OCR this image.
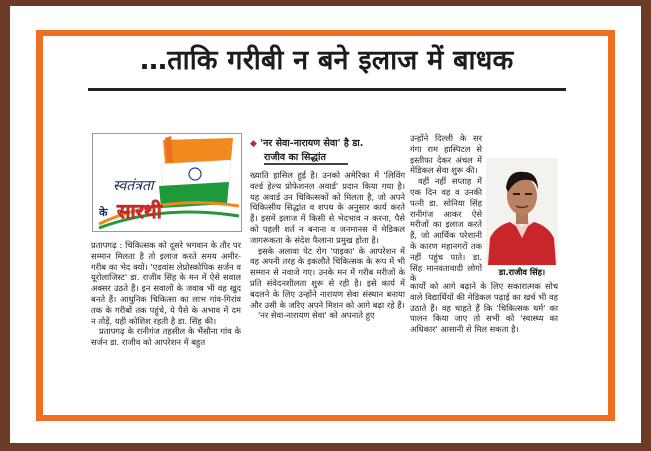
…ताकि गरीबी न बने इलाज में बाधक
स्वतंत्रता
के सारथी

प्रतापगढ़ : चिकित्सक को दूसरे भगवान के तौर पर सम्मान मिलता है तो इलाज करते समय अमीर-गरीब का भेद क्यों। 'एडवांस लेप्रोस्कोपिक सर्जन व यूरोलाजिस्ट' डा. राजीव सिंह के मन में ऐसे सवाल अक्सर उठते हैं। इन सवालों के जवाब भी वह खुद बनते हैं। आधुनिक चिकित्सा का लाभ गांव-गिरांव तक के गरीबों तक पहुंचे, ये पैसे के अभाव में दम न तोड़ें, यही कोशिश रहती है डा. सिंह की।

प्रतापगढ़ के रानीगंज तहसील के भैंसौना गांव के सर्जन डा. राजीव को आपरेशन में बहुत

◆ 'नर सेवा-नारायण सेवा' है डा.
राजीव का सिद्धांत

ख्याति हासिल हुई है। उनको अमेरिका में 'लिविंग वर्ल्ड हेल्थ प्रोफेशनल अवार्ड' प्रदान किया गया है। यह अवार्ड उन चिकित्सकों को मिलता है, जो अपने चिकित्सीय सिद्धांत व शपथ के अनुसार कार्य करते हैं। इसमें इलाज में किसी से भेदभाव न करना, पैसे को पहली शर्त न बनाना व जनमानस में मेडिकल जागरूकता के संदेश फैलाना प्रमुख होता है।

इसके अलावा पेट रोग 'पाइका' के आपरेशन में वह अपनी तरह के इकलौते चिकित्सक के रूप में भी सम्मान से नवाजे गए। उनके मन में गरीब मरीजों के प्रति संवेदनशीलता शुरू से रही है। इसे कार्य में बदलने के लिए उन्होंने नारायण सेवा संस्थान बनाया और उसी के जरिए अपने मिशन को आगे बढ़ा रहे हैं।

'नर सेवा-नारायण सेवा' को अपनाते हुए

उन्होंने दिल्ली के सर गंगा राम हास्पिटल से इस्तीफा देकर अंचल में मेडिकल सेवा शुरू की।

वहीं नहीं सप्ताह में एक दिन वह व उनकी पत्नी डा. सोनिया सिंह रानीगंज आकर ऐसे मरीजों का इलाज करते हैं, जो आर्थिक परेशानी के कारण महानगरों तक नहीं पहुंच पाते। डा. सिंह मानवतावादी लोगों के

डा.राजीव सिंह।

कार्यों को आगे बढ़ाने के लिए सकारात्मक सोच वाले विद्यार्थियों की मेडिकल पढ़ाई का खर्च भी वह उठाते हैं। वह चाहते हैं कि 'चिकित्सक धर्म' का पालन किया जाए तो सभी को 'स्वास्थ्य का अधिकार' आसानी से मिल सकता है।
